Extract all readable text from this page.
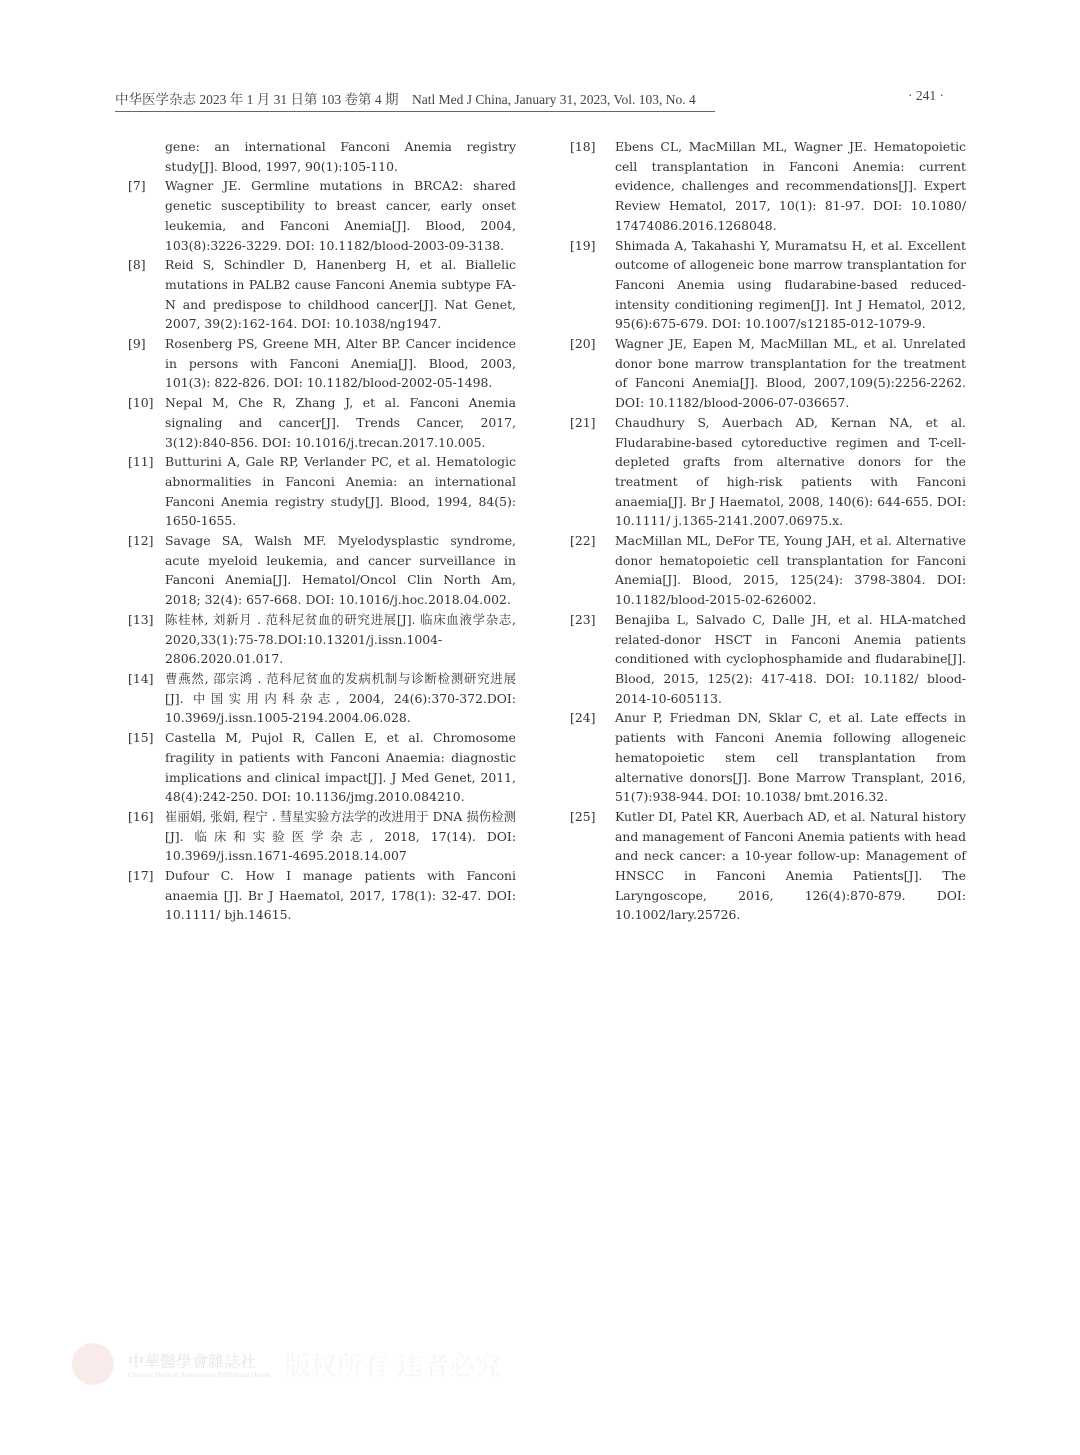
中華醫學會
中华医学杂志 2023 年 1 月 31 日第 103 卷第 4 期　Natl Med J China, January 31, 2023, Vol. 103, No. 4	· 241 ·
gene: an international Fanconi Anemia registry study[J]. Blood, 1997, 90(1):105-110.
[7]	Wagner JE. Germline mutations in BRCA2: shared genetic susceptibility to breast cancer, early onset leukemia, and Fanconi Anemia[J]. Blood, 2004, 103(8):3226-3229. DOI: 10.1182/blood-2003-09-3138.
[8]	Reid S, Schindler D, Hanenberg H, et al. Biallelic mutations in PALB2 cause Fanconi Anemia subtype FA-N and predispose to childhood cancer[J]. Nat Genet, 2007, 39(2):162-164. DOI: 10.1038/ng1947.
[9]	Rosenberg PS, Greene MH, Alter BP. Cancer incidence in persons with Fanconi Anemia[J]. Blood, 2003, 101(3): 822-826. DOI: 10.1182/blood-2002-05-1498.
[10] Nepal M, Che R, Zhang J, et al. Fanconi Anemia signaling and cancer[J]. Trends Cancer, 2017, 3(12):840-856. DOI: 10.1016/j.trecan.2017.10.005.
[11] Butturini A, Gale RP, Verlander PC, et al. Hematologic abnormalities in Fanconi Anemia: an international Fanconi Anemia registry study[J]. Blood, 1994, 84(5): 1650-1655.
[12] Savage SA, Walsh MF. Myelodysplastic syndrome, acute myeloid leukemia, and cancer surveillance in Fanconi Anemia[J]. Hematol/Oncol Clin North Am, 2018; 32(4): 657-668. DOI: 10.1016/j.hoc.2018.04.002.
[13] 陈桂林, 刘新月 . 范科尼贫血的研究进展[J]. 临床血液学杂志, 2020,33(1):75-78.DOI:10.13201/j.issn.1004-2806.2020.01.017.
[14] 曹燕然, 邵宗鸿 . 范科尼贫血的发病机制与诊断检测研究进展 [J]. 中国实用内科杂志, 2004, 24(6):370-372.DOI: 10.3969/j.issn.1005-2194.2004.06.028.
[15] Castella M, Pujol R, Callen E, et al. Chromosome fragility in patients with Fanconi Anaemia: diagnostic implications and clinical impact[J]. J Med Genet, 2011, 48(4):242-250. DOI: 10.1136/jmg.2010.084210.
[16] 崔丽娟, 张娟, 程宁 . 彗星实验方法学的改进用于 DNA 损伤检测 [J]. 临床和实验医学杂志, 2018, 17(14). DOI: 10.3969/j.issn.1671-4695.2018.14.007
[17] Dufour C. How I manage patients with Fanconi anaemia [J]. Br J Haematol, 2017, 178(1): 32-47. DOI: 10.1111/ bjh.14615.
[18]	Ebens CL, MacMillan ML, Wagner JE. Hematopoietic cell transplantation in Fanconi Anemia: current evidence, challenges and recommendations[J]. Expert Review Hematol, 2017, 10(1): 81-97. DOI: 10.1080/ 17474086.2016.1268048.
[19]	Shimada A, Takahashi Y, Muramatsu H, et al. Excellent outcome of allogeneic bone marrow transplantation for Fanconi Anemia using fludarabine-based reduced-intensity conditioning regimen[J]. Int J Hematol, 2012, 95(6):675-679. DOI: 10.1007/s12185-012-1079-9.
[20]	Wagner JE, Eapen M, MacMillan ML, et al. Unrelated donor bone marrow transplantation for the treatment of Fanconi Anemia[J]. Blood, 2007,109(5):2256-2262. DOI: 10.1182/blood-2006-07-036657.
[21]	Chaudhury S, Auerbach AD, Kernan NA, et al. Fludarabine-based cytoreductive regimen and T-cell-depleted grafts from alternative donors for the treatment of high-risk patients with Fanconi anaemia[J]. Br J Haematol, 2008, 140(6): 644-655. DOI: 10.1111/ j.1365-2141.2007.06975.x.
[22]	MacMillan ML, DeFor TE, Young JAH, et al. Alternative donor hematopoietic cell transplantation for Fanconi Anemia[J]. Blood, 2015, 125(24): 3798-3804. DOI: 10.1182/blood-2015-02-626002.
[23]	Benajiba L, Salvado C, Dalle JH, et al. HLA-matched related-donor HSCT in Fanconi Anemia patients conditioned with cyclophosphamide and fludarabine[J]. Blood, 2015, 125(2): 417-418. DOI: 10.1182/ blood-2014-10-605113.
[24]	Anur P, Friedman DN, Sklar C, et al. Late effects in patients with Fanconi Anemia following allogeneic hematopoietic stem cell transplantation from alternative donors[J]. Bone Marrow Transplant, 2016, 51(7):938-944. DOI: 10.1038/ bmt.2016.32.
[25]	Kutler DI, Patel KR, Auerbach AD, et al. Natural history and management of Fanconi Anemia patients with head and neck cancer: a 10-year follow-up: Management of HNSCC in Fanconi Anemia Patients[J]. The Laryngoscope, 2016, 126(4):870-879. DOI: 10.1002/lary.25726.
中華醫學會雜誌社
Chinese Medical Association Publishing House 版权所有 违者必究
